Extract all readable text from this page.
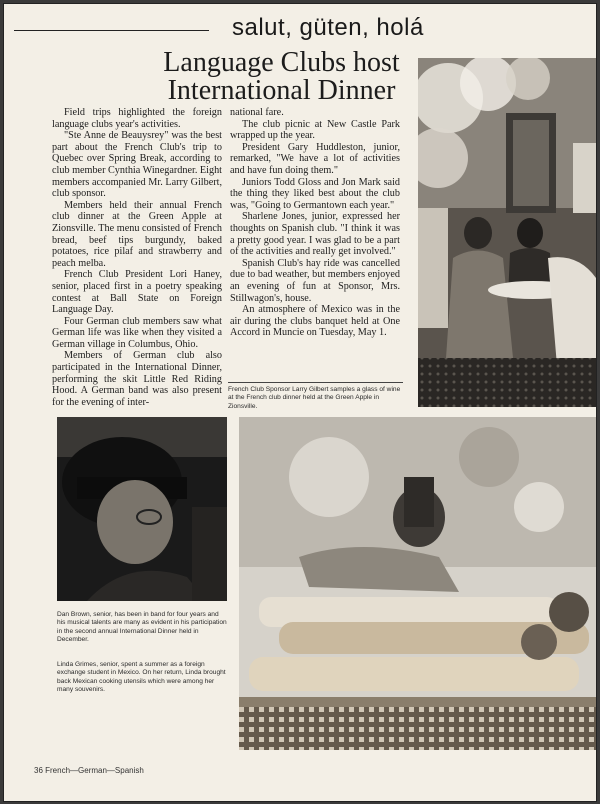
salut, güten, holá
Language Clubs host International Dinner

Field trips highlighted the foreign language clubs year's activities.

"Ste Anne de Beauysrey" was the best part about the French Club's trip to Quebec over Spring Break, according to club member Cynthia Winegardner. Eight members accompanied Mr. Larry Gilbert, club sponsor.

Members held their annual French club dinner at the Green Apple at Zionsville. The menu consisted of French bread, beef tips burgundy, baked potatoes, rice pilaf and strawberry and peach melba.

French Club President Lori Haney, senior, placed first in a poetry speaking contest at Ball State on Foreign Language Day.

Four German club members saw what German life was like when they visited a German village in Columbus, Ohio.

Members of German club also participated in the International Dinner, performing the skit Little Red Riding Hood. A German band was also present for the evening of inter-

national fare.

The club picnic at New Castle Park wrapped up the year.

President Gary Huddleston, junior, remarked, "We have a lot of activities and have fun doing them."

Juniors Todd Gloss and Jon Mark said the thing they liked best about the club was, "Going to Germantown each year."

Sharlene Jones, junior, expressed her thoughts on Spanish club. "I think it was a pretty good year. I was glad to be a part of the activities and really get involved."

Spanish Club's hay ride was cancelled due to bad weather, but members enjoyed an evening of fun at Sponsor, Mrs. Stillwagon's, house.

An atmosphere of Mexico was in the air during the clubs banquet held at One Accord in Muncie on Tuesday, May 1.

French Club Sponsor Larry Gilbert samples a glass of wine at the French club dinner held at the Green Apple in Zionsville.
Dan Brown, senior, has been in band for four years and his musical talents are many as evident in his participation in the second annual International Dinner held in December.
Linda Grimes, senior, spent a summer as a foreign exchange student in Mexico. On her return, Linda brought back Mexican cooking utensils which were among her many souvenirs.
36 French—German—Spanish
